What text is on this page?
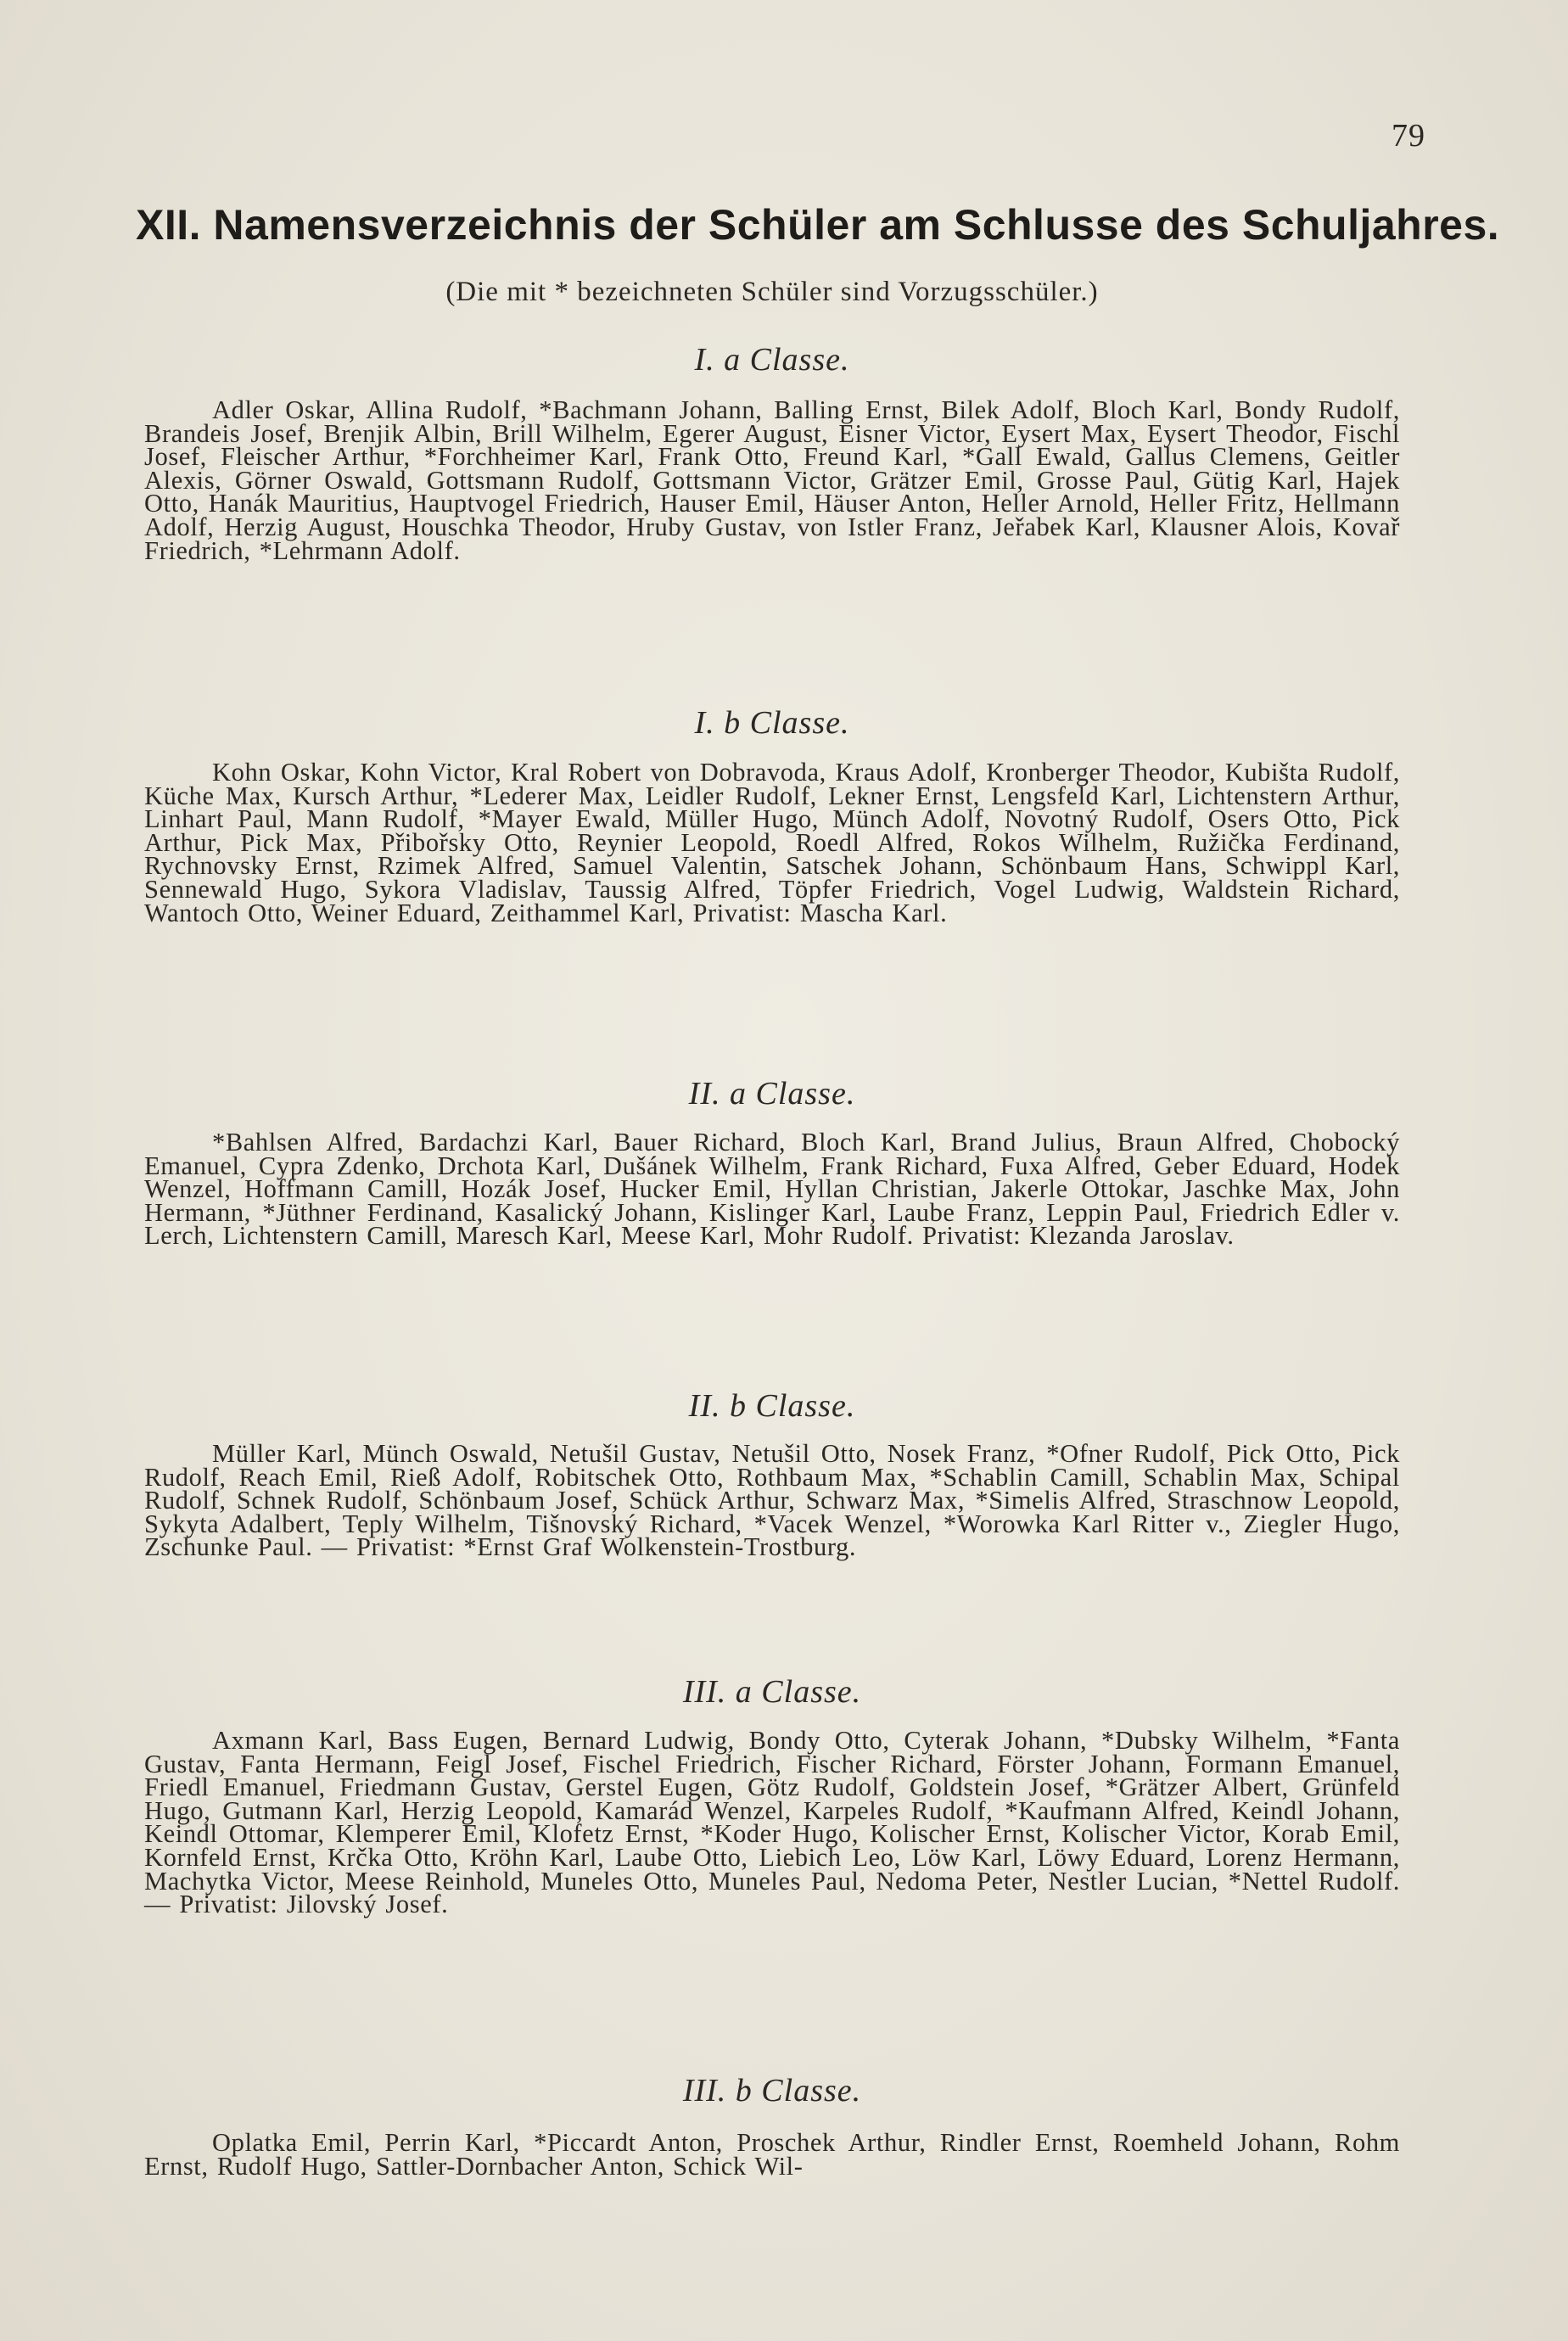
79
XII. Namensverzeichnis der Schüler am Schlusse des Schuljahres.
(Die mit * bezeichneten Schüler sind Vorzugsschüler.)
I. a Classe.
Adler Oskar, Allina Rudolf, *Bachmann Johann, Balling Ernst, Bilek Adolf, Bloch Karl, Bondy Rudolf, Brandeis Josef, Brenjik Albin, Brill Wilhelm, Egerer August, Eisner Victor, Eysert Max, Eysert Theodor, Fischl Josef, Fleischer Arthur, *Forchheimer Karl, Frank Otto, Freund Karl, *Gall Ewald, Gallus Clemens, Geitler Alexis, Görner Oswald, Gottsmann Rudolf, Gottsmann Victor, Grätzer Emil, Grosse Paul, Gütig Karl, Hajek Otto, Hanák Mauritius, Hauptvogel Friedrich, Hauser Emil, Häuser Anton, Heller Arnold, Heller Fritz, Hellmann Adolf, Herzig August, Houschka Theodor, Hruby Gustav, von Istler Franz, Jeřabek Karl, Klausner Alois, Kovař Friedrich, *Lehrmann Adolf.
I. b Classe.
Kohn Oskar, Kohn Victor, Kral Robert von Dobravoda, Kraus Adolf, Kronberger Theodor, Kubišta Rudolf, Küche Max, Kursch Arthur, *Lederer Max, Leidler Rudolf, Lekner Ernst, Lengsfeld Karl, Lichtenstern Arthur, Linhart Paul, Mann Rudolf, *Mayer Ewald, Müller Hugo, Münch Adolf, Novotný Rudolf, Osers Otto, Pick Arthur, Pick Max, Přibořsky Otto, Reynier Leopold, Roedl Alfred, Rokos Wilhelm, Ružička Ferdinand, Rychnovsky Ernst, Rzimek Alfred, Samuel Valentin, Satschek Johann, Schönbaum Hans, Schwippl Karl, Sennewald Hugo, Sykora Vladislav, Taussig Alfred, Töpfer Friedrich, Vogel Ludwig, Waldstein Richard, Wantoch Otto, Weiner Eduard, Zeithammel Karl, Privatist: Mascha Karl.
II. a Classe.
*Bahlsen Alfred, Bardachzi Karl, Bauer Richard, Bloch Karl, Brand Julius, Braun Alfred, Chobocký Emanuel, Cypra Zdenko, Drchota Karl, Dušánek Wilhelm, Frank Richard, Fuxa Alfred, Geber Eduard, Hodek Wenzel, Hoffmann Camill, Hozák Josef, Hucker Emil, Hyllan Christian, Jakerle Ottokar, Jaschke Max, John Hermann, *Jüthner Ferdinand, Kasalický Johann, Kislinger Karl, Laube Franz, Leppin Paul, Friedrich Edler v. Lerch, Lichtenstern Camill, Maresch Karl, Meese Karl, Mohr Rudolf. Privatist: Klezanda Jaroslav.
II. b Classe.
Müller Karl, Münch Oswald, Netušil Gustav, Netušil Otto, Nosek Franz, *Ofner Rudolf, Pick Otto, Pick Rudolf, Reach Emil, Rieß Adolf, Robitschek Otto, Rothbaum Max, *Schablin Camill, Schablin Max, Schipal Rudolf, Schnek Rudolf, Schönbaum Josef, Schück Arthur, Schwarz Max, *Simelis Alfred, Straschnow Leopold, Sykyta Adalbert, Teply Wilhelm, Tišnovský Richard, *Vacek Wenzel, *Worowka Karl Ritter v., Ziegler Hugo, Zschunke Paul. — Privatist: *Ernst Graf Wolkenstein-Trostburg.
III. a Classe.
Axmann Karl, Bass Eugen, Bernard Ludwig, Bondy Otto, Cyterak Johann, *Dubsky Wilhelm, *Fanta Gustav, Fanta Hermann, Feigl Josef, Fischel Friedrich, Fischer Richard, Förster Johann, Formann Emanuel, Friedl Emanuel, Friedmann Gustav, Gerstel Eugen, Götz Rudolf, Goldstein Josef, *Grätzer Albert, Grünfeld Hugo, Gutmann Karl, Herzig Leopold, Kamarád Wenzel, Karpeles Rudolf, *Kaufmann Alfred, Keindl Johann, Keindl Ottomar, Klemperer Emil, Klofetz Ernst, *Koder Hugo, Kolischer Ernst, Kolischer Victor, Korab Emil, Kornfeld Ernst, Krčka Otto, Kröhn Karl, Laube Otto, Liebich Leo, Löw Karl, Löwy Eduard, Lorenz Hermann, Machytka Victor, Meese Reinhold, Muneles Otto, Muneles Paul, Nedoma Peter, Nestler Lucian, *Nettel Rudolf. — Privatist: Jilovský Josef.
III. b Classe.
Oplatka Emil, Perrin Karl, *Piccardt Anton, Proschek Arthur, Rindler Ernst, Roemheld Johann, Rohm Ernst, Rudolf Hugo, Sattler-Dornbacher Anton, Schick Wil-
